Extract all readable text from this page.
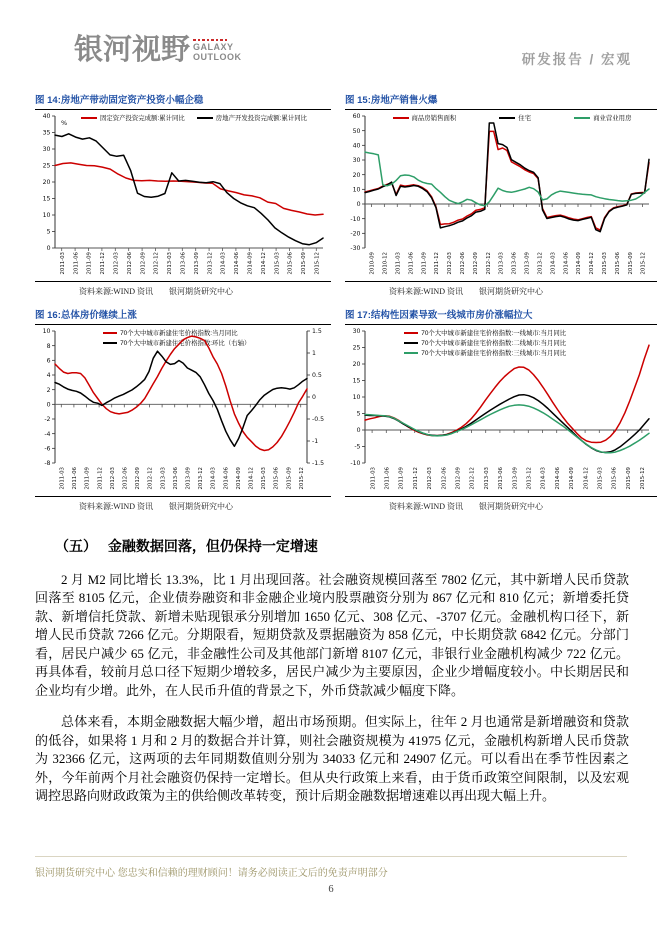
银河视野 GALAXY
OUTLOOK	研发报告 / 宏观
图 14:房地产带动固定资产投资小幅企稳
固定资产投资完成额:累计同比	房地产开发投资完成额:累计同比
0
5
10
15
20
25
30
35
40
2011-03 2011-06 2011-09 2011-12 2012-03 2012-06 2012-09 2012-12 2013-03 2013-06 2013-09 2013-12 2014-03 2014-06 2014-09 2014-12 2015-03 2015-06 2015-09 2015-12
%
资料来源:WIND 资讯　　银河期货研究中心
图 15:房地产销售火爆
商品房销售面积	住宅	商业营业用房
-30
-20
-10
0
10
20
30
40
50
60
2010-09 2010-12 2011-03 2011-06 2011-09 2011-12 2012-03 2012-06 2012-09 2012-12 2013-03 2013-06 2013-09 2013-12 2014-03 2014-06 2014-09 2014-12 2015-03 2015-06 2015-09 2015-12
资料来源:WIND 资讯　　银河期货研究中心
图 16:总体房价继续上涨
70个大中城市新建住宅价格指数:当月同比
70个大中城市新建住宅价格指数:环比（右轴）
-8
-6
-4
-2
0
2
4
6
8
10
-1.5
-1
-0.5
0
0.5
1
1.5
2011-03 2011-06 2011-09 2011-12 2012-03 2012-06 2012-09 2012-12 2013-03 2013-06 2013-09 2013-12 2014-03 2014-06 2014-09 2014-12 2015-03 2015-06 2015-09 2015-12
资料来源:WIND 资讯　　银河期货研究中心
图 17:结构性因素导致一线城市房价涨幅拉大
70个大中城市新建住宅价格指数:一线城市:当月同比
70个大中城市新建住宅价格指数:二线城市:当月同比
70个大中城市新建住宅价格指数:三线城市:当月同比
-10
-5
0
5
10
15
20
25
30
2011-03 2011-06 2011-09 2011-12 2012-03 2012-06 2012-09 2012-12 2013-03 2013-06 2013-09 2013-12 2014-03 2014-06 2014-09 2014-12 2015-03 2015-06 2015-09 2015-12
资料来源:WIND 资讯　　银河期货研究中心
（五）　 金融数据回落，但仍保持一定增速

2 月 M2 同比增长 13.3%，比 1 月出现回落。社会融资规模回落至 7802 亿元，其中新增人民币贷款回落至 8105 亿元，企业债券融资和非金融企业境内股票融资分别为 867 亿元和 810 亿元；新增委托贷款、新增信托贷款、新增未贴现银承分别增加 1650 亿元、308 亿元、-3707 亿元。金融机构口径下，新增人民币贷款 7266 亿元。分期限看，短期贷款及票据融资为 858 亿元，中长期贷款 6842 亿元。分部门看，居民户减少 65 亿元，非金融性公司及其他部门新增 8107 亿元，非银行业金融机构减少 722 亿元。再具体看，较前月总口径下短期少增较多，居民户减少为主要原因，企业少增幅度较小。中长期居民和企业均有少增。此外，在人民币升值的背景之下，外币贷款减少幅度下降。

总体来看，本期金融数据大幅少增，超出市场预期。但实际上，往年 2 月也通常是新增融资和贷款的低谷，如果将 1 月和 2 月的数据合并计算，则社会融资规模为 41975 亿元，金融机构新增人民币贷款为 32366 亿元，这两项的去年同期数值则分别为 34033 亿元和 24907 亿元。可以看出在季节性因素之外，今年前两个月社会融资仍保持一定增长。但从央行政策上来看，由于货币政策空间限制，以及宏观调控思路向财政政策为主的供给侧改革转变，预计后期金融数据增速难以再出现大幅上升。

银河期货研究中心 您忠实和信赖的理财顾问！请务必阅读正文后的免责声明部分
6
